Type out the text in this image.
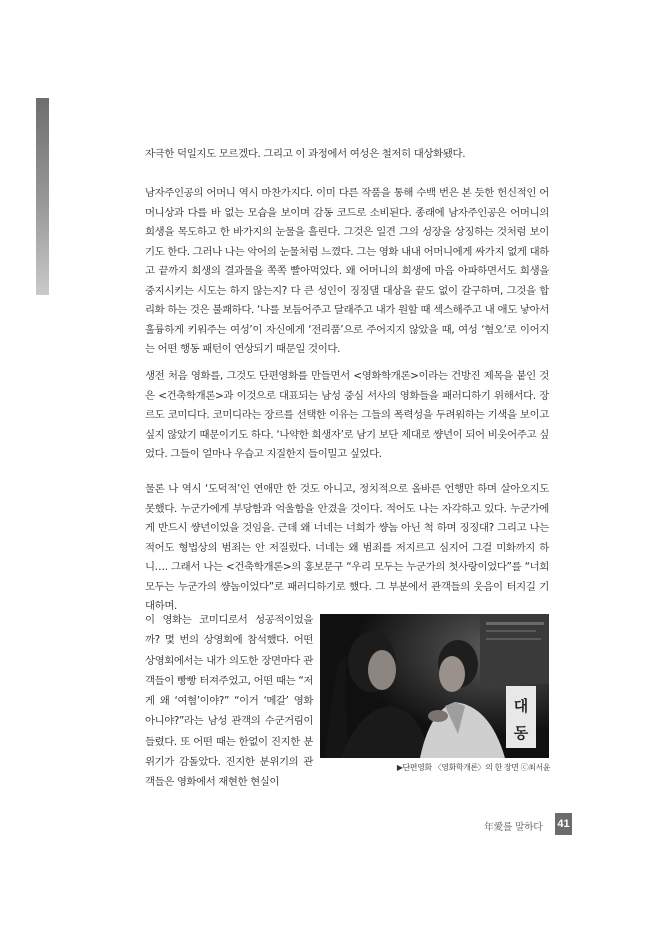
자극한 덕일지도 모르겠다. 그리고 이 과정에서 여성은 철저히 대상화됐다.

남자주인공의 어머니 역시 마찬가지다. 이미 다른 작품을 통해 수백 번은 본 듯한 헌신적인 어머니상과 다를 바 없는 모습을 보이며 감동 코드로 소비된다. 종래에 남자주인공은 어머니의 희생을 목도하고 한 바가지의 눈물을 흘린다. 그것은 일견 그의 성장을 상징하는 것처럼 보이기도 한다. 그러나 나는 악어의 눈물처럼 느꼈다. 그는 영화 내내 어머니에게 싸가지 없게 대하고 끝까지 희생의 결과물을 쪽쪽 빨아먹었다. 왜 어머니의 희생에 마음 아파하면서도 희생을 중지시키는 시도는 하지 않는지? 다 큰 성인이 징징댈 대상을 끝도 없이 갈구하며, 그것을 합리화 하는 것은 불쾌하다. ‘나를 보듬어주고 달래주고 내가 원할 때 섹스해주고 내 애도 낳아서 훌륭하게 키워주는 여성’이 자신에게 ‘전리품’으로 주어지지 않았을 때, 여성 ‘혐오’로 이어지는 어떤 행동 패턴이 연상되기 때문일 것이다.

생전 처음 영화를, 그것도 단편영화를 만들면서 <영화학개론>이라는 건방진 제목을 붙인 것은 <건축학개론>과 이것으로 대표되는 남성 중심 서사의 영화들을 패러디하기 위해서다. 장르도 코미디다. 코미디라는 장르를 선택한 이유는 그들의 폭력성을 두려워하는 기색을 보이고 싶지 않았기 때문이기도 하다. ‘나약한 희생자’로 남기 보단 제대로 썅년이 되어 비웃어주고 싶었다. 그들이 얼마나 우습고 지질한지 들이밀고 싶었다.

물론 나 역시 ‘도덕적’인 연애만 한 것도 아니고, 정치적으로 올바른 언행만 하며 살아오지도 못했다. 누군가에게 부당함과 억울함을 안겼을 것이다. 적어도 나는 자각하고 있다. 누군가에게 반드시 썅년이었을 것임을. 근데 왜 너네는 너희가 썅놈 아닌 척 하며 징징대? 그리고 나는 적어도 형법상의 범죄는 안 저질렀다. 너네는 왜 범죄를 저지르고 심지어 그걸 미화까지 하니…. 그래서 나는 <건축학개론>의 홍보문구 “우리 모두는 누군가의 첫사랑이었다”를 “너희 모두는 누군가의 썅놈이었다”로 패러디하기로 했다. 그 부분에서 관객들의 웃음이 터지길 기대하며.

이 영화는 코미디로서 성공적이었을까? 몇 번의 상영회에 참석했다. 어떤 상영회에서는 내가 의도한 장면마다 관객들이 빵빵 터져주었고, 어떤 때는 “저게 왜 ‘여혐’이야?” “이거 ‘메갈’ 영화 아니야?”라는 남성 관객의 수군거림이 들렸다. 또 어떤 때는 한없이 진지한 분위기가 감돌았다. 진지한 분위기의 관객들은 영화에서 재현한 현실이

대
동
▶단편영화 〈영화학개론〉의 한 장면 ⓒ최서윤
年愛를 말하다 41
